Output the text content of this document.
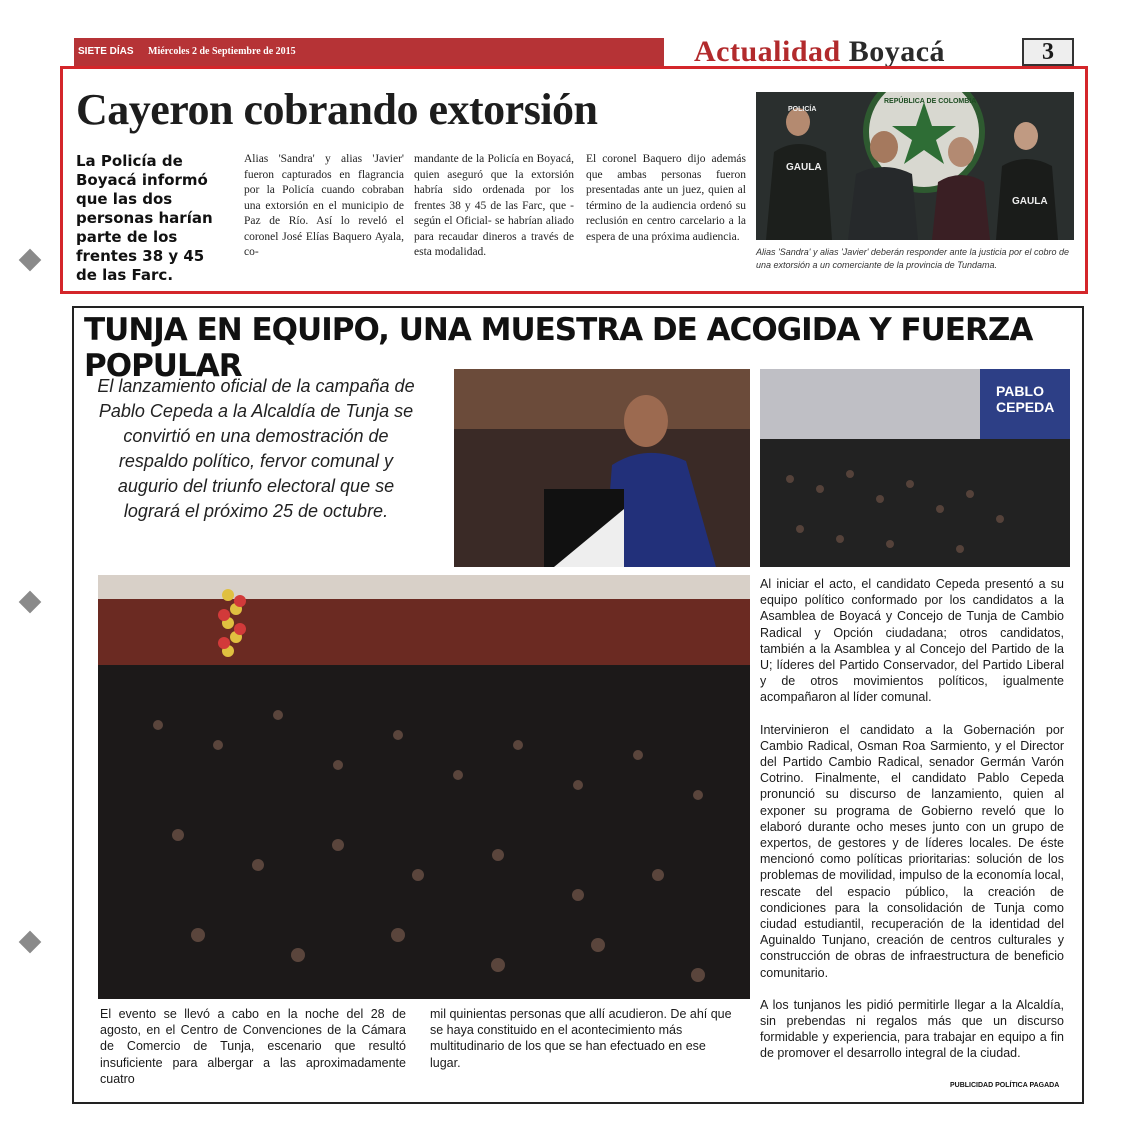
SIETE DÍAS Miércoles 2 de Septiembre de 2015	Actualidad Boyacá	3
Cayeron cobrando extorsión
La Policía de Boyacá informó que las dos personas harían parte de los frentes 38 y 45 de las Farc.
Alias 'Sandra' y alias 'Javier' fueron capturados en flagrancia por la Policía cuando cobraban una extorsión en el municipio de Paz de Río. Así lo reveló el coronel José Elías Baquero Ayala, co-
mandante de la Policía en Boyacá, quien aseguró que la extorsión habría sido ordenada por los frentes 38 y 45 de las Farc, que -según el Oficial- se habrían aliado para recaudar dineros a través de esta modalidad.
El coronel Baquero dijo además que ambas personas fueron presentadas ante un juez, quien al término de la audiencia ordenó su reclusión en centro carcelario a la espera de una próxima audiencia.
GAULA
GAULA
POLICÍA
REPÚBLICA DE COLOMBIA
Alias 'Sandra' y alias 'Javier' deberán responder ante la justicia por el cobro de una extorsión a un comerciante de la provincia de Tundama.
TUNJA EN EQUIPO, UNA MUESTRA DE ACOGIDA Y FUERZA POPULAR
El lanzamiento oficial de la campaña de Pablo Cepeda a la Alcaldía de Tunja se convirtió en una demostración de respaldo político, fervor comunal y augurio del triunfo electoral que se logrará el próximo 25 de octubre.
PABLO CEPEDA

Al iniciar el acto, el candidato Cepeda presentó a su equipo político conformado por los candidatos a la Asamblea de Boyacá y Concejo de Tunja de Cambio Radical y Opción ciudadana; otros candidatos, también a la Asamblea y al Concejo del Partido de la U; líderes del Partido Conservador, del Partido Liberal y de otros movimientos políticos, igualmente acompañaron al líder comunal.

Intervinieron el candidato a la Gobernación por Cambio Radical, Osman Roa Sarmiento, y el Director del Partido Cambio Radical, senador Germán Varón Cotrino. Finalmente, el candidato Pablo Cepeda pronunció su discurso de lanzamiento, quien al exponer su programa de Gobierno reveló que lo elaboró durante ocho meses junto con un grupo de expertos, de gestores y de líderes locales. De éste mencionó como políticas prioritarias: solución de los problemas de movilidad, impulso de la economía local, rescate del espacio público, la creación de condiciones para la consolidación de Tunja como ciudad estudiantil, recuperación de la identidad del Aguinaldo Tunjano, creación de centros culturales y construcción de obras de infraestructura de beneficio comunitario.

A los tunjanos les pidió permitirle llegar a la Alcaldía, sin prebendas ni regalos más que un discurso formidable y experiencia, para trabajar en equipo a fin de promover el desarrollo integral de la ciudad.

El evento se llevó a cabo en la noche del 28 de agosto, en el Centro de Convenciones de la Cámara de Comercio de Tunja, escenario que resultó insuficiente para albergar a las aproximadamente cuatro
mil quinientas personas que allí acudieron. De ahí que se haya constituido en el acontecimiento más multitudinario de los que se han efectuado en ese lugar.
PUBLICIDAD POLÍTICA PAGADA
